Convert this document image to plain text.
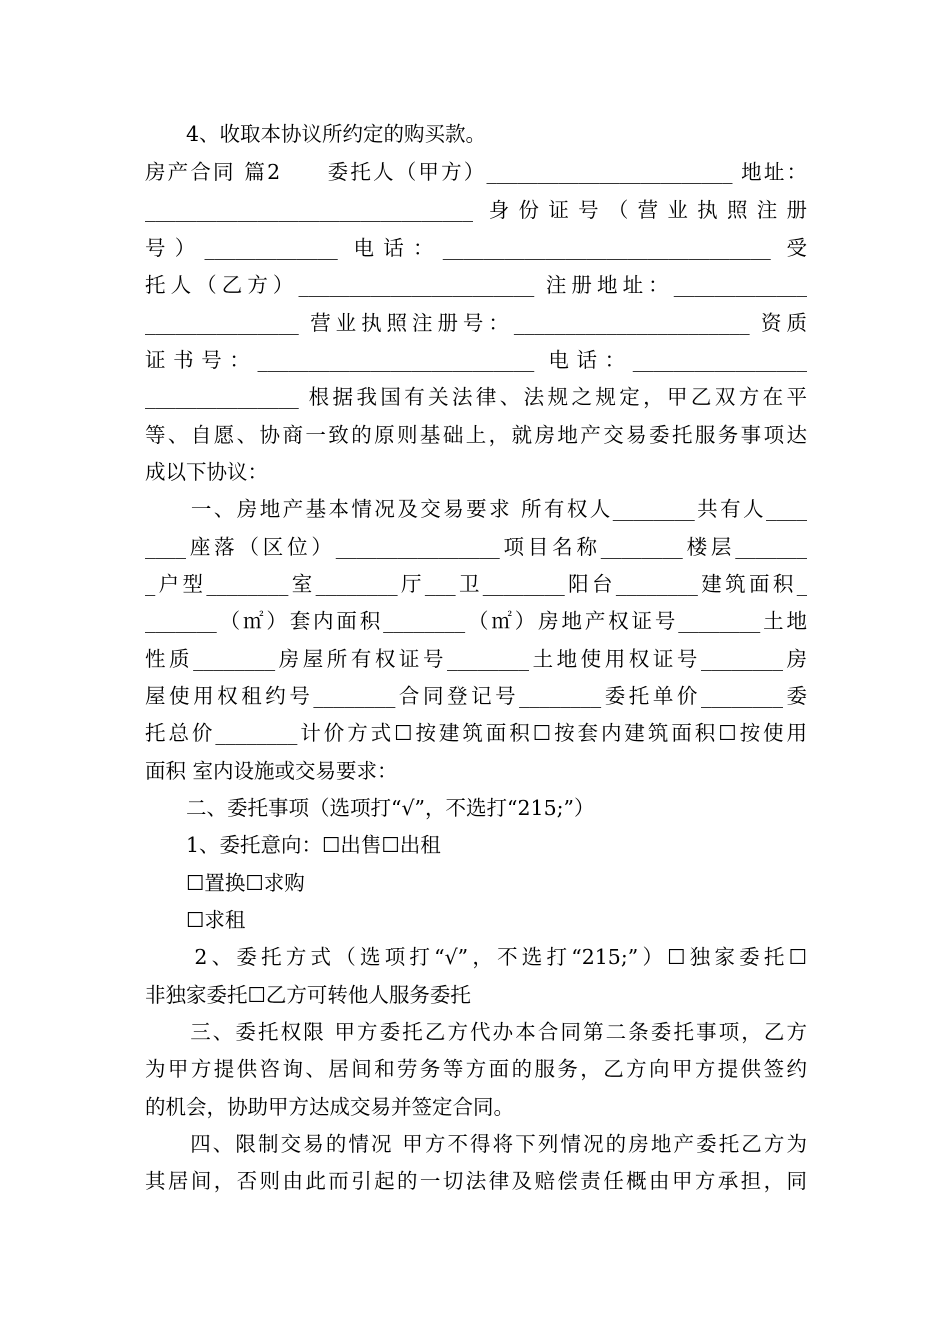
　　4、收取本协议所约定的购买款。
房产合同 篇2　　委托人（甲方）________________________ 地址：
________________________________ 身份证号（营业执照注册
号）_____________ 电话：________________________________ 受
托人（乙方）_______________________ 注册地址：_____________
_______________ 营业执照注册号：_______________________ 资质
证书号：___________________________ 电话：_________________
_______________ 根据我国有关法律、法规之规定，甲乙双方在平
等、自愿、协商一致的原则基础上，就房地产交易委托服务事项达
成以下协议：
　　一、房地产基本情况及交易要求 所有权人________共有人____
____座落（区位）________________项目名称________楼层_______
_户型________室________厅___卫________阳台________建筑面积_
_______（㎡）套内面积________（㎡）房地产权证号________土地
性质________房屋所有权证号________土地使用权证号________房
屋使用权租约号________合同登记号________委托单价________委
托总价________计价方式☐按建筑面积☐按套内建筑面积☐按使用
面积 室内设施或交易要求：
　　二、委托事项（选项打“√”，不选打“215;”）
　　1、委托意向：☐出售☐出租
　　☐置换☐求购
　　☐求租
　　2、委托方式（选项打“√”，不选打“215;”）☐独家委托☐
非独家委托☐乙方可转他人服务委托
　　三、委托权限 甲方委托乙方代办本合同第二条委托事项，乙方
为甲方提供咨询、居间和劳务等方面的服务，乙方向甲方提供签约
的机会，协助甲方达成交易并签定合同。
　　四、限制交易的情况 甲方不得将下列情况的房地产委托乙方为
其居间，否则由此而引起的一切法律及赔偿责任概由甲方承担，同
